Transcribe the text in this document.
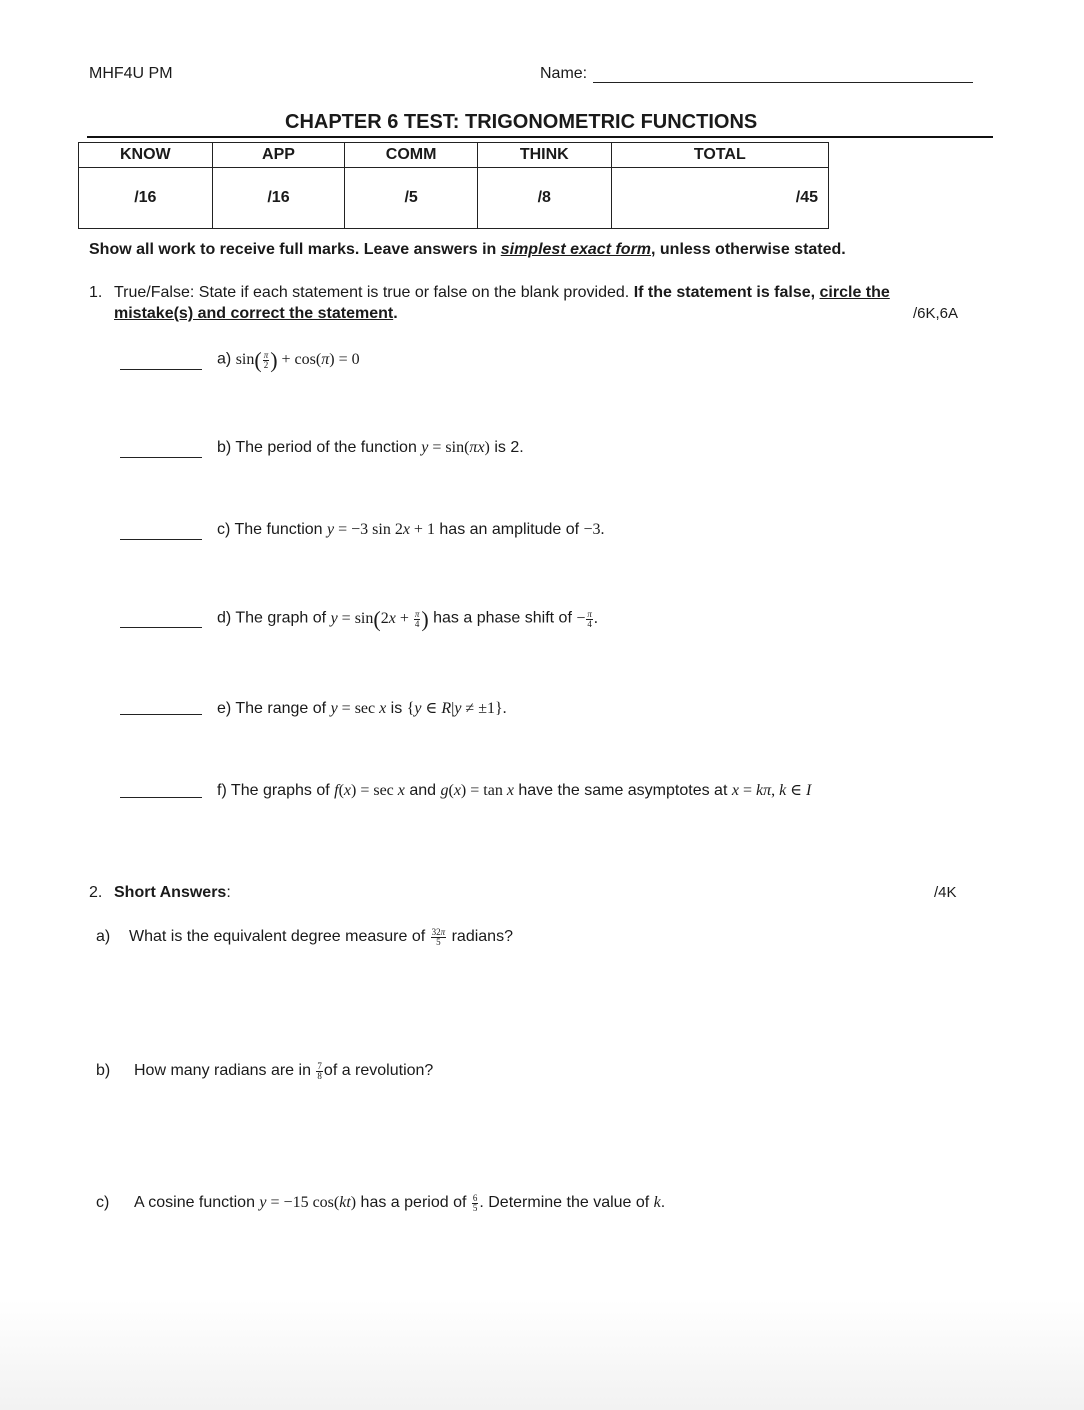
MHF4U PM	Name:
CHAPTER 6 TEST: TRIGONOMETRIC FUNCTIONS
KNOW	APP	COMM	THINK	TOTAL
/16	/16	/5	/8	/45
Show all work to receive full marks. Leave answers in simplest exact form, unless otherwise stated.
1. True/False: State if each statement is true or false on the blank provided. If the statement is false, circle the
mistake(s) and correct the statement.	/6K,6A
a) $\sin( \frac{\pi}{2}$ ) + cos(π) = 0
b) The period of the function y = sin(πx) is 2.
c) The function y = −3 sin 2x + 1 has an amplitude of −3.
d) The graph of $y = \sin(2x + \frac{\pi}{4}$ ) has a phase shift of − $\frac{\pi}{4}$ .
e) The range of y = sec x is {y ∈ R|y ≠ ±1}.
f) The graphs of f(x) = sec x and g(x) = tan x have the same asymptotes at x = kπ, k ∈ I
2. Short Answers:	/4K
a) What is the equivalent degree measure of $\frac{32\pi}{5}$ radians?
b) How many radians are in $\frac{7}{8}$ of a revolution?
c) A cosine function y = −15 cos(kt) has a period of $\frac{6}{5}$ . Determine the value of k.
